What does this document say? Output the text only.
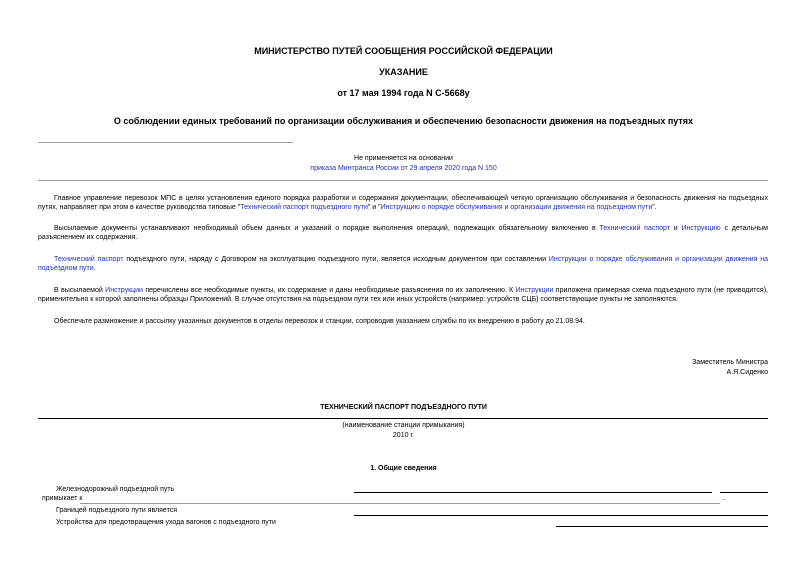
МИНИСТЕРСТВО ПУТЕЙ СООБЩЕНИЯ РОССИЙСКОЙ ФЕДЕРАЦИИ
УКАЗАНИЕ
от 17 мая 1994 года N С-5668у
О соблюдении единых требований по организации обслуживания и обеспечению безопасности движения на подъездных путях
Не применяется на основании
приказа Минтранса России от 29 апреля 2020 года N 150
Главное управление перевозок МПС в целях установления единого порядка разработки и содержания документации, обеспечивающей четкую организацию обслуживания и безопасность движения на подъездных путях, направляет при этом в качестве руководства типовые "Технический паспорт подъездного пути" и "Инструкцию о порядке обслуживания и организации движения на подъездном пути".
Высылаемые документы устанавливают необходимый объем данных и указаний о порядке выполнения операций, подлежащих обязательному включению в Технический паспорт и Инструкцию с детальным разъяснением их содержания.
Технический паспорт подъездного пути, наряду с Договором на эксплуатацию подъездного пути, является исходным документом при составлении Инструкции о порядке обслуживания и организации движения на подъездном пути.
В высылаемой Инструкции перечислены все необходимые пункты, их содержание и даны необходимые разъяснения по их заполнению. К Инструкции приложена примерная схема подъездного пути (не приводится), применительно к которой заполнены образцы Приложений. В случае отсутствия на подъездном пути тех или иных устройств (например: устройств СЦБ) соответствующие пункты не заполняются.
Обеспечьте размножение и рассылку указанных документов в отделы перевозок и станции, сопроводив указанием службы по их внедрению в работу до 21.08.94.
Заместитель Министра
А.Я.Сиденко
ТЕХНИЧЕСКИЙ ПАСПОРТ ПОДЪЕЗДНОГО ПУТИ
(наименование станции примыкания)
2010 г.
1. Общие сведения
Железнодорожный подъездной путь
примыкает к	..
Границей подъездного пути является
Устройства для предотвращения ухода вагонов с подъездного пути
